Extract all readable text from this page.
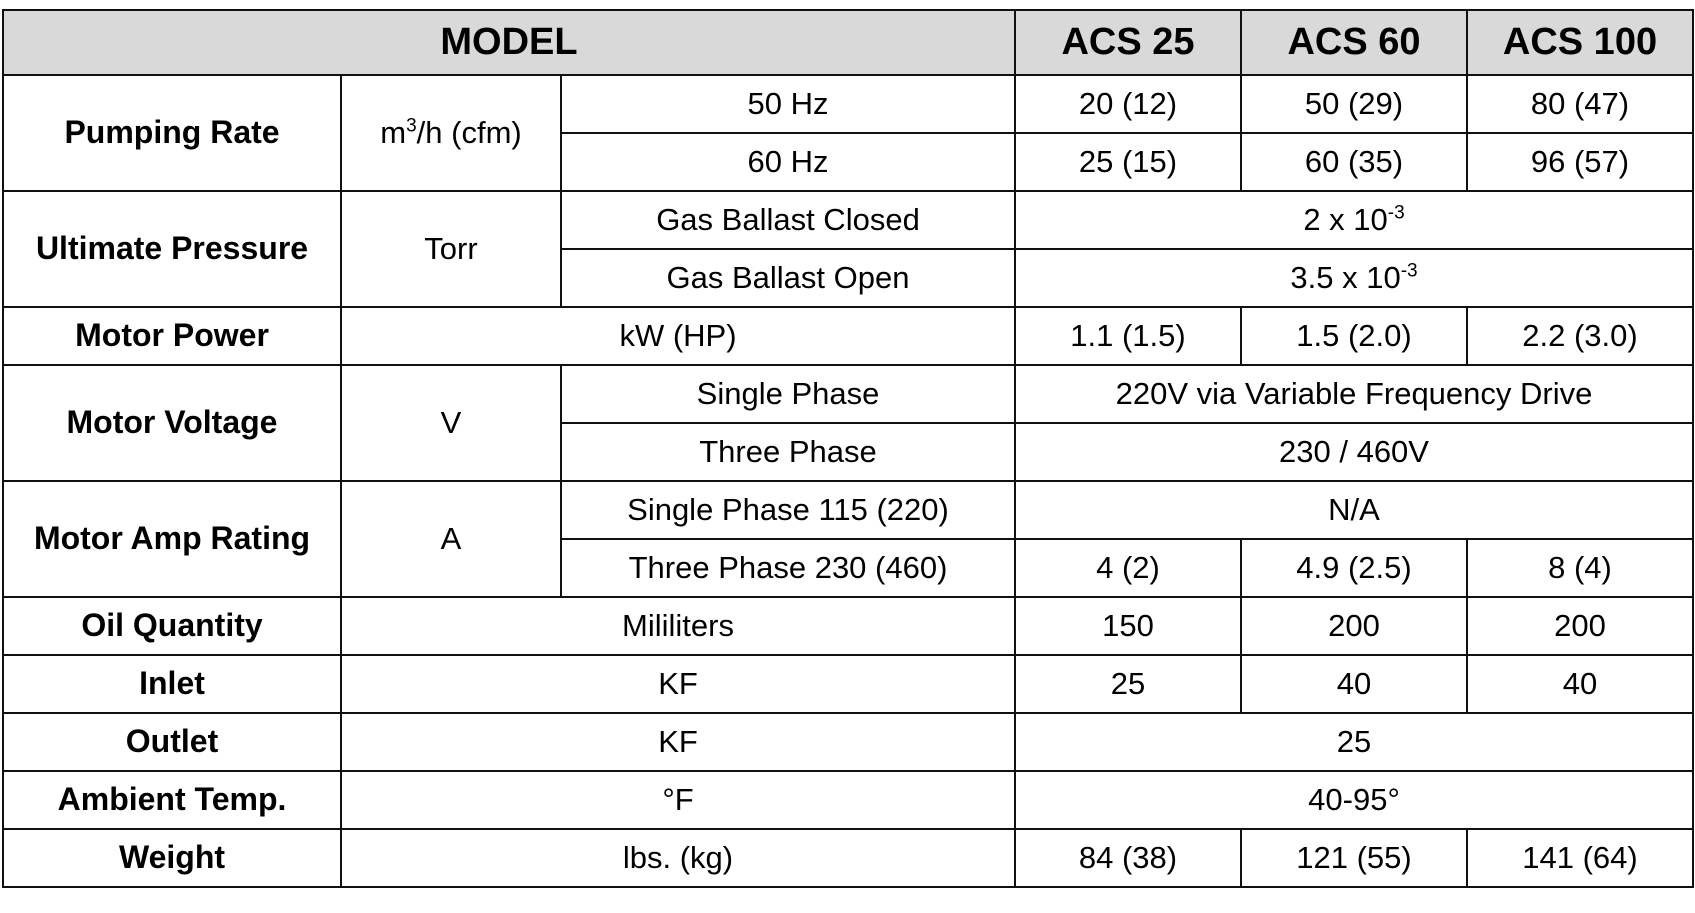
MODEL			ACS 25	ACS 60	ACS 100
Pumping Rate	$m^3/h$ (cfm)	50 Hz	20 (12)	50 (29)	80 (47)
		60 Hz	25 (15)	60 (35)	96 (57)
Ultimate Pressure	Torr	Gas Ballast Closed	2 x $10^{-3}$
		Gas Ballast Open	3.5 x $10^{-3}$
Motor Power	kW (HP)		1.1 (1.5)	1.5 (2.0)	2.2 (3.0)
Motor Voltage	V	Single Phase	220V via Variable Frequency Drive		
		Three Phase	230 / 460V		
Motor Amp Rating	A	Single Phase 115 (220)	N/A		
		Three Phase 230 (460)	4 (2)	4.9 (2.5)	8 (4)
Oil Quantity	Mililiters		150	200	200
Inlet	KF		25	40	40
Outlet	KF		25		
Ambient Temp.	°F		40-95°		
Weight	lbs. (kg)		84 (38)	121 (55)	141 (64)
